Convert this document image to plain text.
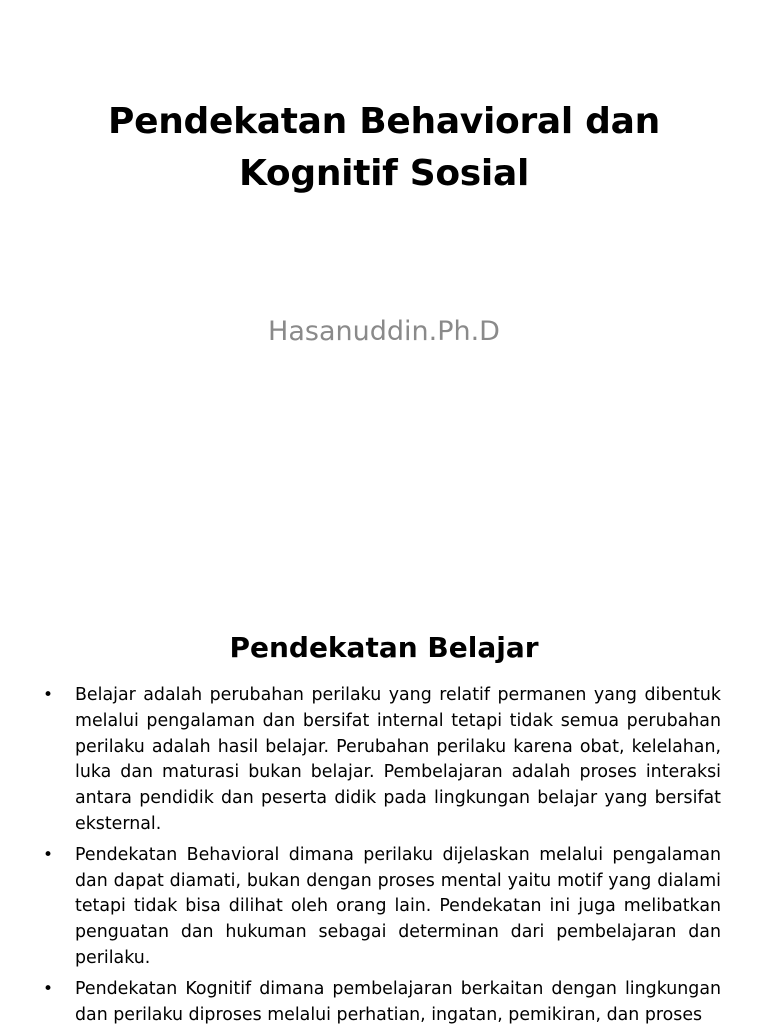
Pendekatan Behavioral dan
Kognitif Sosial

Hasanuddin.Ph.D

Pendekatan Belajar
• Belajar adalah perubahan perilaku yang relatif permanen yang dibentuk melalui pengalaman dan bersifat internal tetapi tidak semua perubahan perilaku adalah hasil belajar. Perubahan perilaku karena obat, kelelahan, luka dan maturasi bukan belajar. Pembelajaran adalah proses interaksi antara pendidik dan peserta didik pada lingkungan belajar yang bersifat eksternal.
• Pendekatan Behavioral dimana perilaku dijelaskan melalui pengalaman dan dapat diamati, bukan dengan proses mental yaitu motif yang dialami tetapi tidak bisa dilihat oleh orang lain. Pendekatan ini juga melibatkan penguatan dan hukuman sebagai determinan dari pembelajaran dan perilaku.
• Pendekatan Kognitif dimana pembelajaran berkaitan dengan lingkungan dan perilaku diproses melalui perhatian, ingatan, pemikiran, dan proses
